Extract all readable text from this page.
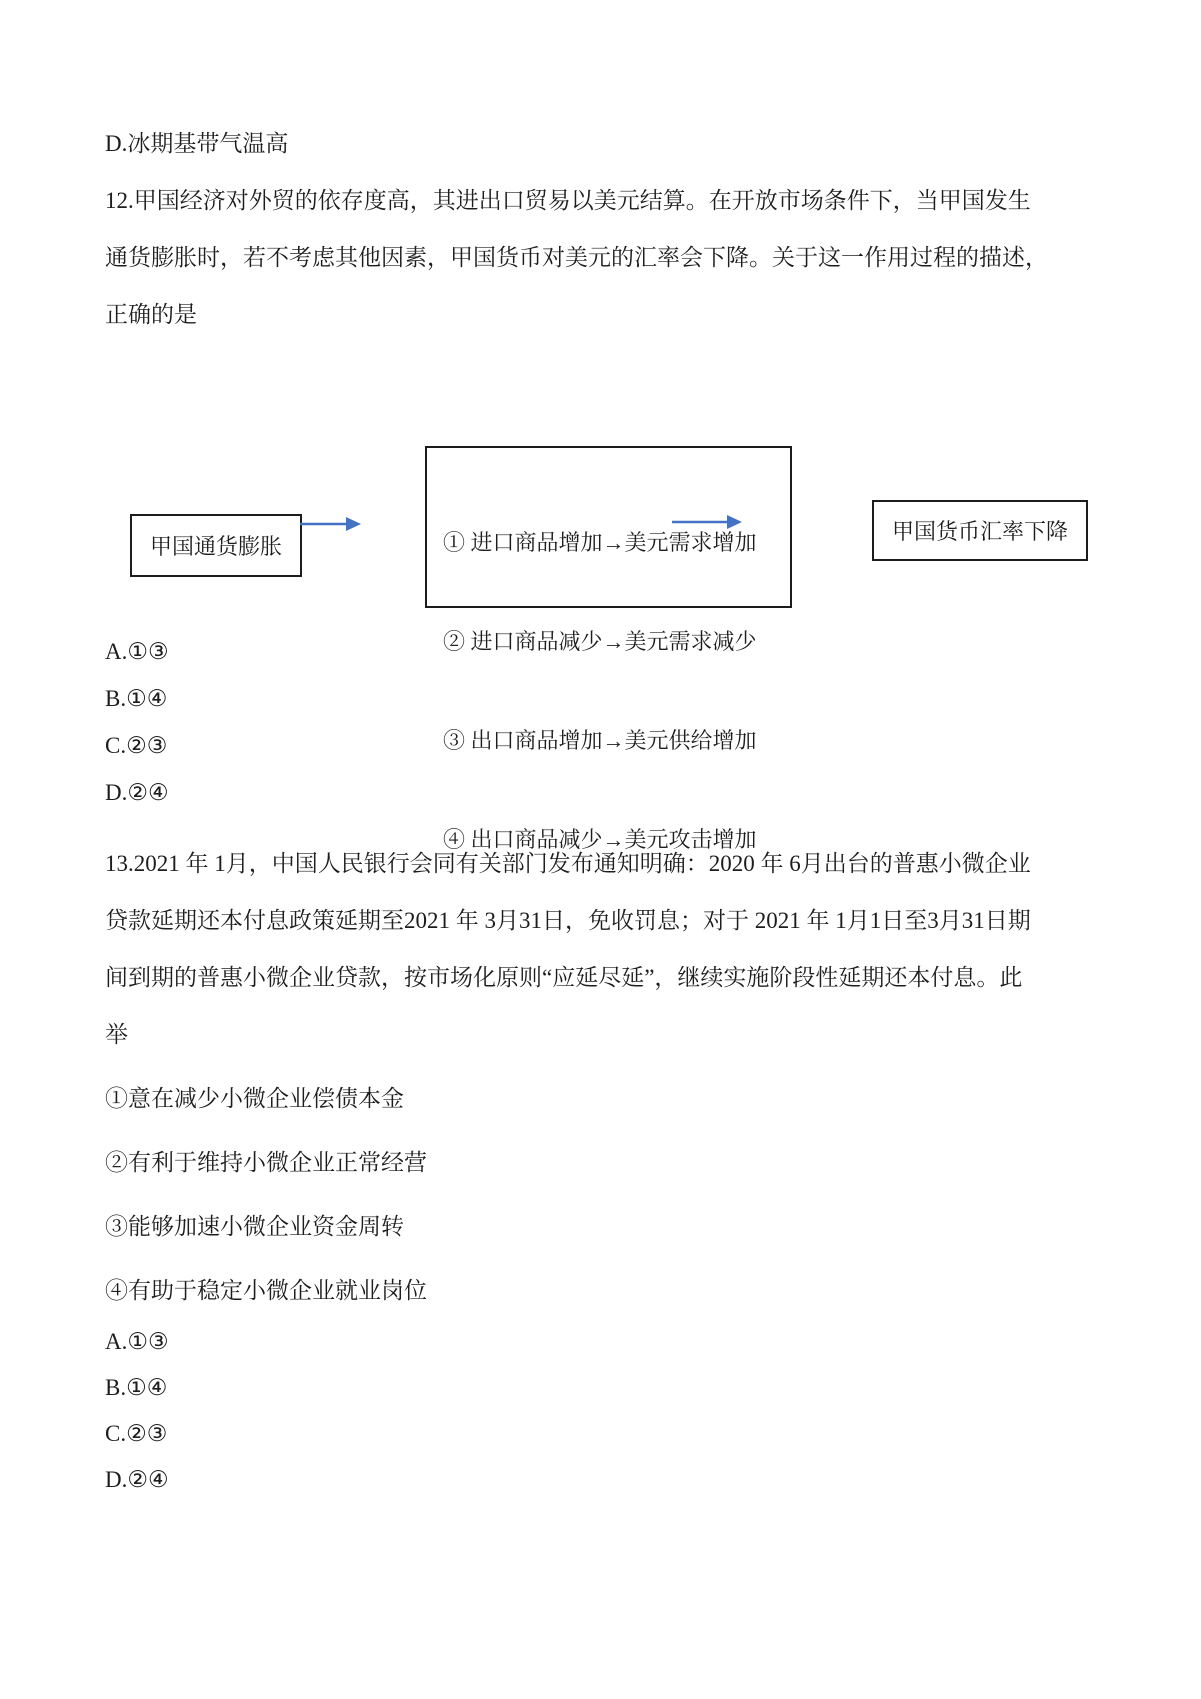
D.冰期基带气温高
12.甲国经济对外贸的依存度高，其进出口贸易以美元结算。在开放市场条件下，当甲国发生
通货膨胀时，若不考虑其他因素，甲国货币对美元的汇率会下降。关于这一作用过程的描述，
正确的是
甲国通货膨胀

	① 进口商品增加→美元需求增加

② 进口商品减少→美元需求减少

③ 出口商品增加→美元供给增加

④ 出口商品减少→美元攻击增加

甲国货币汇率下降
A.①③
B.①④
C.②③
D.②④
13.2021 年 1月，中国人民银行会同有关部门发布通知明确：2020 年 6月出台的普惠小微企业
贷款延期还本付息政策延期至2021 年 3月31日，免收罚息；对于 2021 年 1月1日至3月31日期
间到期的普惠小微企业贷款，按市场化原则“应延尽延”，继续实施阶段性延期还本付息。此
举
①意在减少小微企业偿债本金
②有利于维持小微企业正常经营
③能够加速小微企业资金周转
④有助于稳定小微企业就业岗位
A.①③
B.①④
C.②③
D.②④
